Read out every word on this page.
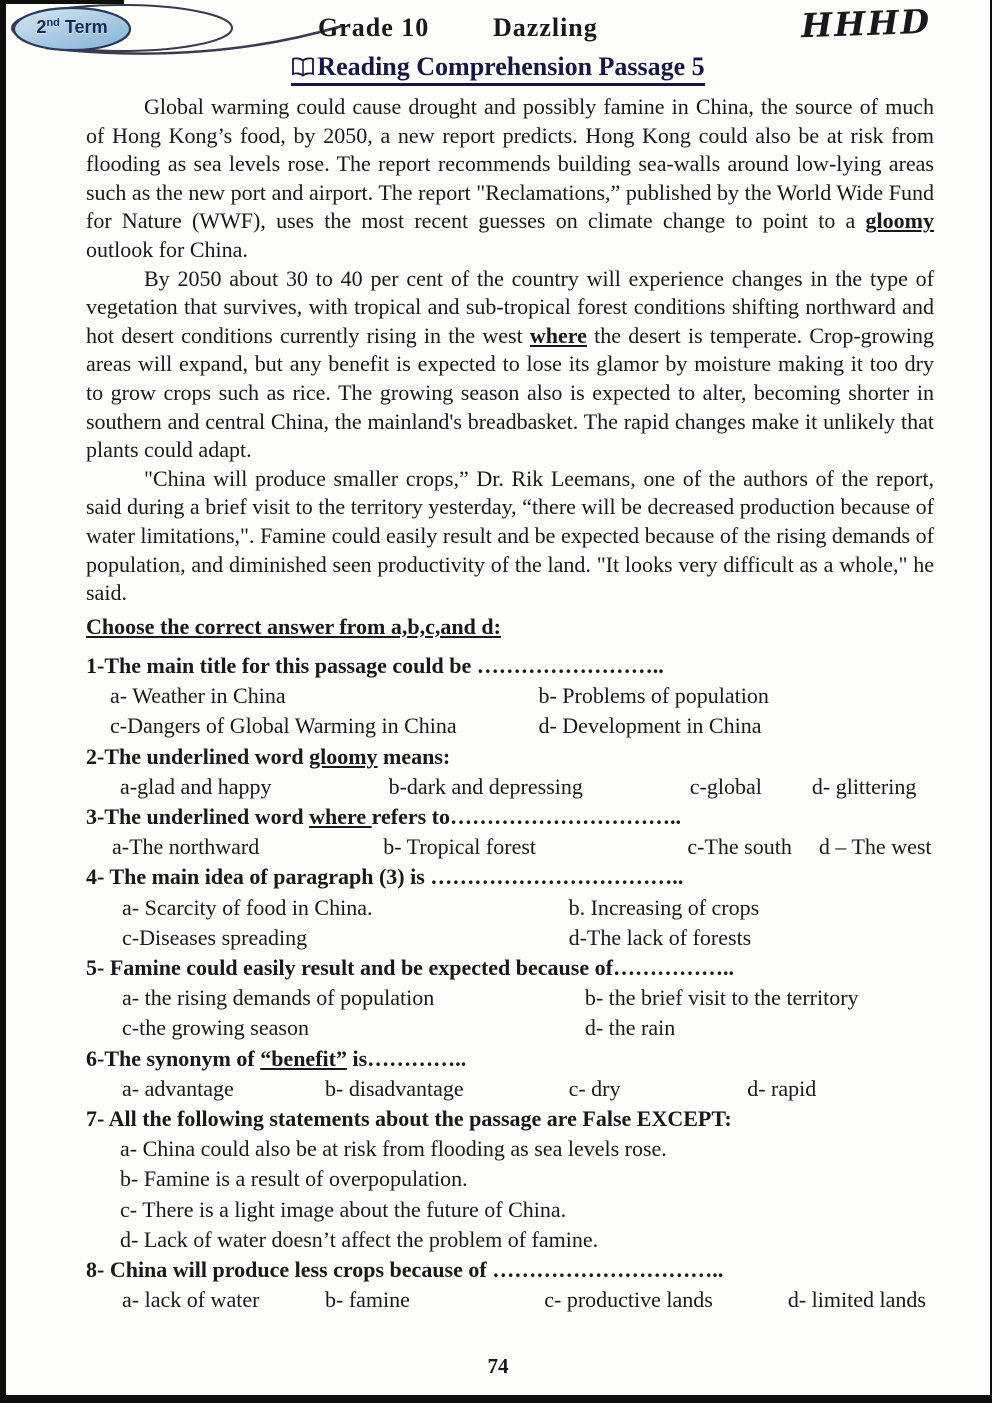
2nd Term	Grade 10 Dazzling	HHHD
Reading Comprehension Passage 5

Global warming could cause drought and possibly famine in China, the source of much of Hong Kong’s food, by 2050, a new report predicts. Hong Kong could also be at risk from flooding as sea levels rose. The report recommends building sea-walls around low-lying areas such as the new port and airport. The report "Reclamations,” published by the World Wide Fund for Nature (WWF), uses the most recent guesses on climate change to point to a gloomy outlook for China.

By 2050 about 30 to 40 per cent of the country will experience changes in the type of vegetation that survives, with tropical and sub-tropical forest conditions shifting northward and hot desert conditions currently rising in the west where the desert is temperate. Crop-growing areas will expand, but any benefit is expected to lose its glamor by moisture making it too dry to grow crops such as rice. The growing season also is expected to alter, becoming shorter in southern and central China, the mainland's breadbasket. The rapid changes make it unlikely that plants could adapt.

"China will produce smaller crops,” Dr. Rik Leemans, one of the authors of the report, said during a brief visit to the territory yesterday, “there will be decreased production because of water limitations,". Famine could easily result and be expected because of the rising demands of population, and diminished seen productivity of the land. "It looks very difficult as a whole," he said.

Choose the correct answer from a,b,c,and d:
1-The main title for this passage could be ……………………..
a- Weather in China	b- Problems of population
c-Dangers of Global Warming in China	d- Development in China
2-The underlined word gloomy means:
a-glad and happy	b-dark and depressing	c-global	d- glittering
3-The underlined word where refers to…………………………..
a-The northward	b- Tropical forest	c-The south	d – The west
4- The main idea of paragraph (3) is ……………………………..
a- Scarcity of food in China.	b. Increasing of crops
c-Diseases spreading	d-The lack of forests
5- Famine could easily result and be expected because of……………..
a- the rising demands of population	b- the brief visit to the territory
c-the growing season	d- the rain
6-The synonym of “benefit” is…………..
a- advantage	b- disadvantage	c- dry	d- rapid
7- All the following statements about the passage are False EXCEPT:
a- China could also be at risk from flooding as sea levels rose.
b- Famine is a result of overpopulation.
c- There is a light image about the future of China.
d- Lack of water doesn’t affect the problem of famine.
8- China will produce less crops because of …………………………..
a- lack of water	b- famine	c- productive lands	d- limited lands
74
